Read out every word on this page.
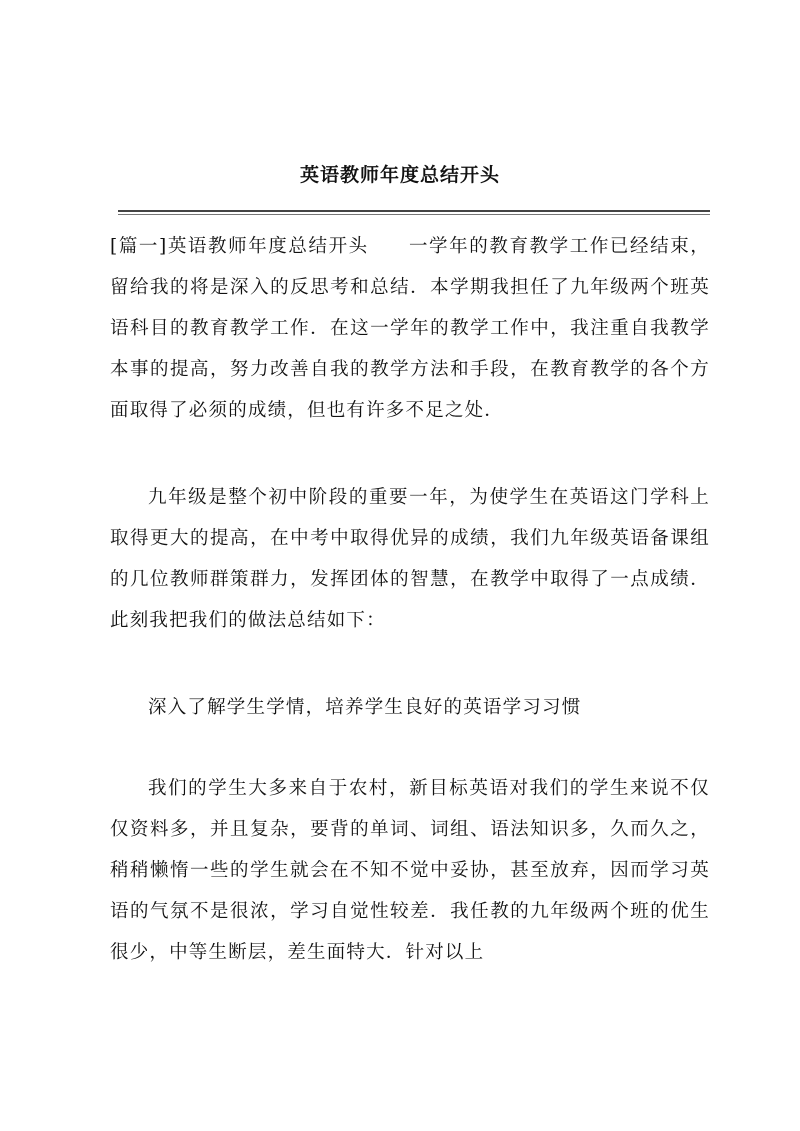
英语教师年度总结开头

[篇一]英语教师年度总结开头　　一学年的教育教学工作已经结束，留给我的将是深入的反思考和总结．本学期我担任了九年级两个班英语科目的教育教学工作．在这一学年的教学工作中，我注重自我教学本事的提高，努力改善自我的教学方法和手段，在教育教学的各个方面取得了必须的成绩，但也有许多不足之处．

九年级是整个初中阶段的重要一年，为使学生在英语这门学科上取得更大的提高，在中考中取得优异的成绩，我们九年级英语备课组的几位教师群策群力，发挥团体的智慧，在教学中取得了一点成绩．此刻我把我们的做法总结如下：

深入了解学生学情，培养学生良好的英语学习习惯

我们的学生大多来自于农村，新目标英语对我们的学生来说不仅仅资料多，并且复杂，要背的单词、词组、语法知识多，久而久之，稍稍懒惰一些的学生就会在不知不觉中妥协，甚至放弃，因而学习英语的气氛不是很浓，学习自觉性较差．我任教的九年级两个班的优生很少，中等生断层，差生面特大．针对以上
